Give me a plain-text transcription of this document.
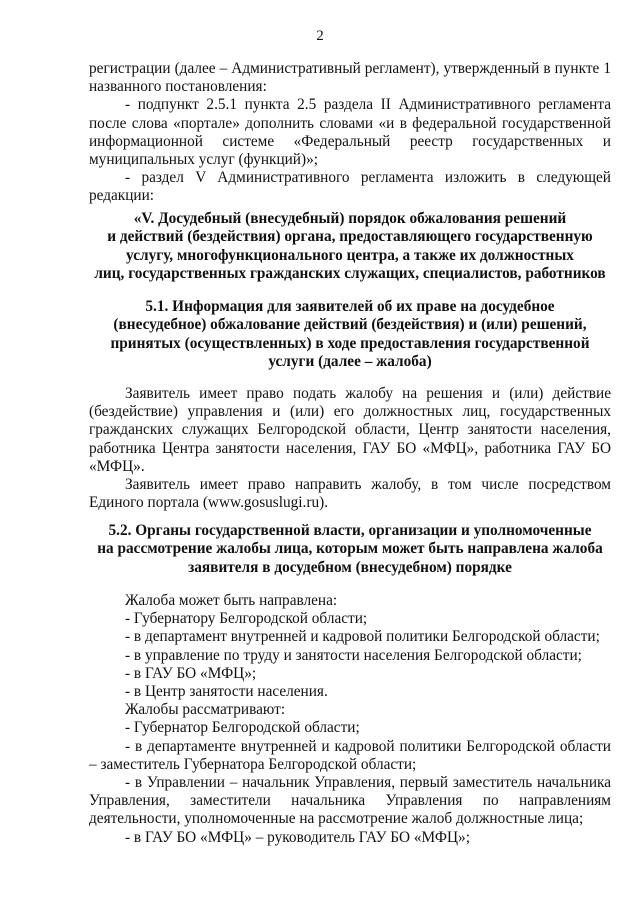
2

регистрации (далее – Административный регламент), утвержденный в пункте 1 названного постановления:

- подпункт 2.5.1 пункта 2.5 раздела II Административного регламента после слова «портале» дополнить словами «и в федеральной государственной информационной системе «Федеральный реестр государственных и муниципальных услуг (функций)»;

- раздел V Административного регламента изложить в следующей редакции:

«V. Досудебный (внесудебный) порядок обжалования решений
и действий (бездействия) органа, предоставляющего государственную
услугу, многофункционального центра, а также их должностных
лиц, государственных гражданских служащих, специалистов, работников
5.1. Информация для заявителей об их праве на досудебное
(внесудебное) обжалование действий (бездействия) и (или) решений,
принятых (осуществленных) в ходе предоставления государственной
услуги (далее – жалоба)

Заявитель имеет право подать жалобу на решения и (или) действие (бездействие) управления и (или) его должностных лиц, государственных гражданских служащих Белгородской области, Центр занятости населения, работника Центра занятости населения, ГАУ БО «МФЦ», работника ГАУ БО «МФЦ».

Заявитель имеет право направить жалобу, в том числе посредством Единого портала (www.gosuslugi.ru).

5.2. Органы государственной власти, организации и уполномоченные
на рассмотрение жалобы лица, которым может быть направлена жалоба
заявителя в досудебном (внесудебном) порядке

Жалоба может быть направлена:

- Губернатору Белгородской области;

- в департамент внутренней и кадровой политики Белгородской области;

- в управление по труду и занятости населения Белгородской области;

- в ГАУ БО «МФЦ»;

- в Центр занятости населения.

Жалобы рассматривают:

- Губернатор Белгородской области;

- в департаменте внутренней и кадровой политики Белгородской области – заместитель Губернатора Белгородской области;

- в Управлении – начальник Управления, первый заместитель начальника Управления, заместители начальника Управления по направлениям деятельности, уполномоченные на рассмотрение жалоб должностные лица;

- в ГАУ БО «МФЦ» – руководитель ГАУ БО «МФЦ»;
